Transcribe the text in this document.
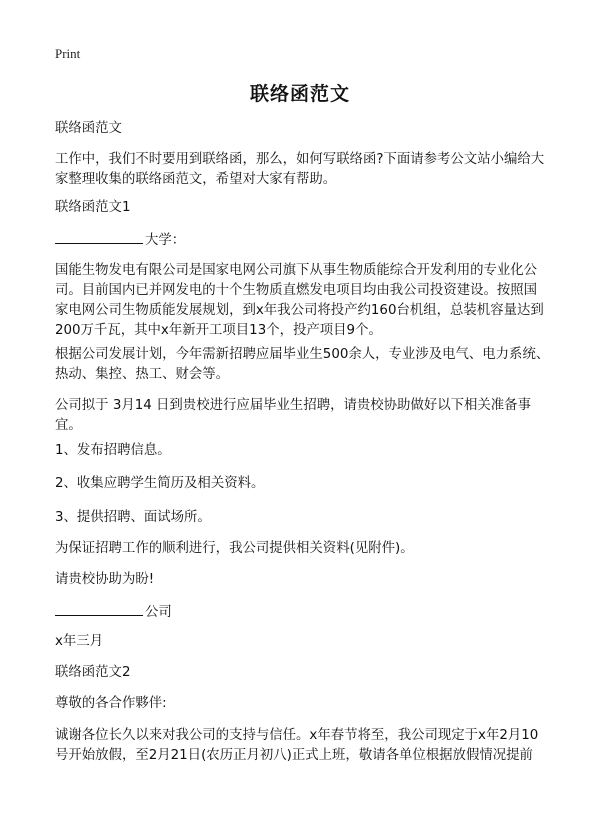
Print
联络函范文

联络函范文

工作中，我们不时要用到联络函，那么，如何写联络函?下面请参考公文站小编给大家整理收集的联络函范文，希望对大家有帮助。

联络函范文1

大学：

国能生物发电有限公司是国家电网公司旗下从事生物质能综合开发利用的专业化公司。目前国内已并网发电的十个生物质直燃发电项目均由我公司投资建设。按照国家电网公司生物质能发展规划，到x年我公司将投产约160台机组，总装机容量达到200万千瓦，其中x年新开工项目13个，投产项目9个。

根据公司发展计划，今年需新招聘应届毕业生500余人，专业涉及电气、电力系统、热动、集控、热工、财会等。

公司拟于 3月14 日到贵校进行应届毕业生招聘，请贵校协助做好以下相关准备事宜。

1、发布招聘信息。

2、收集应聘学生简历及相关资料。

3、提供招聘、面试场所。

为保证招聘工作的顺利进行，我公司提供相关资料(见附件)。

请贵校协助为盼!

公司

x年三月

联络函范文2

尊敬的各合作夥伴:

诚谢各位长久以来对我公司的支持与信任。x年春节将至，我公司现定于x年2月10号开始放假，至2月21日(农历正月初八)正式上班，敬请各单位根据放假情况提前
